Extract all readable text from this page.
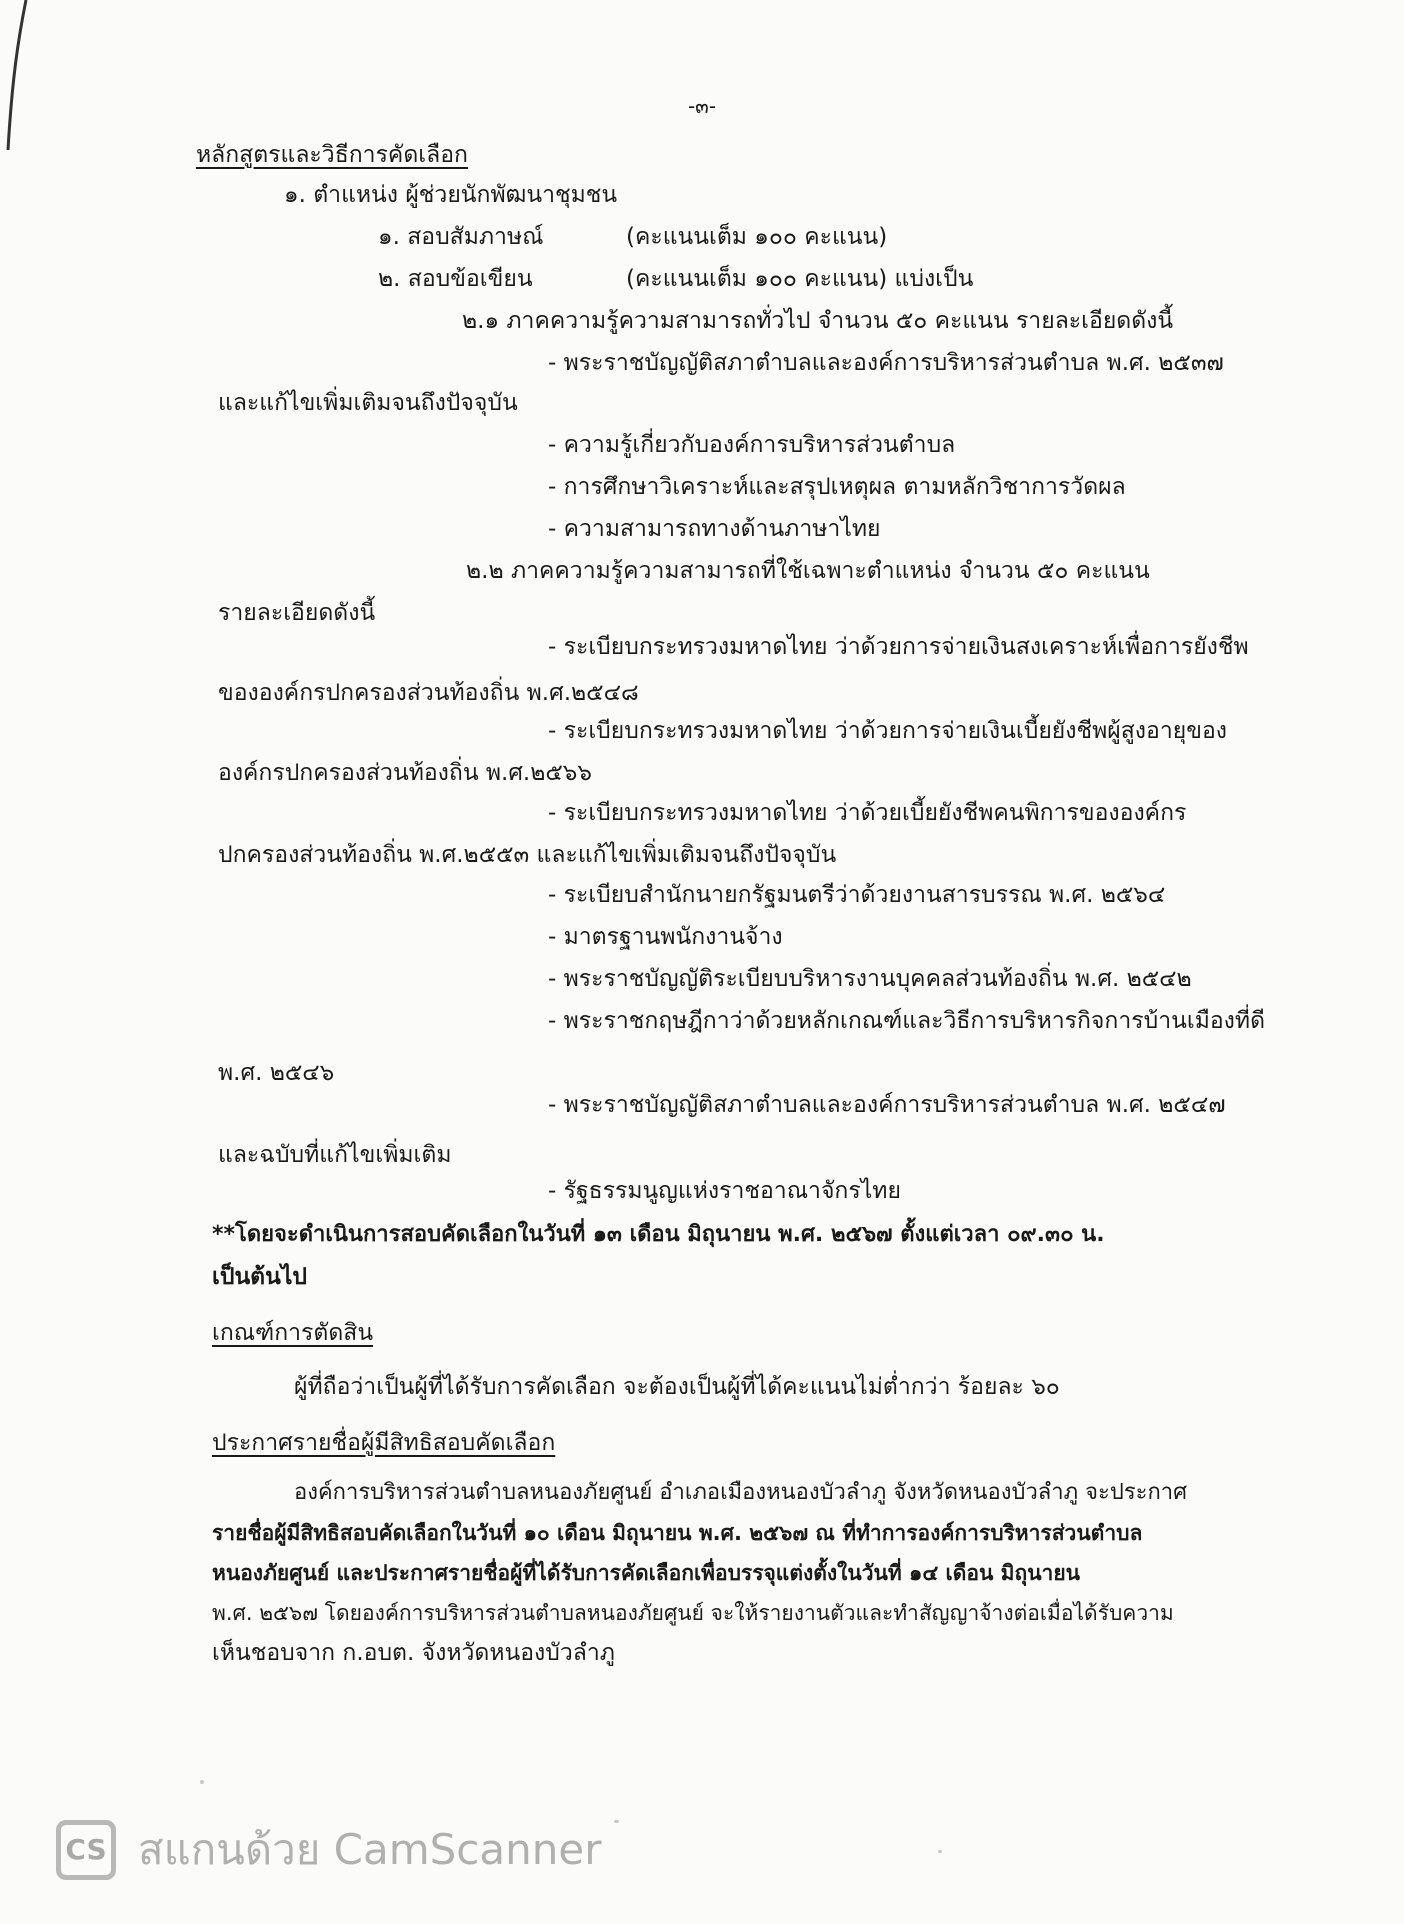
-๓-
หลักสูตรและวิธีการคัดเลือก
๑. ตำแหน่ง ผู้ช่วยนักพัฒนาชุมชน
๑. สอบสัมภาษณ์	(คะแนนเต็ม ๑๐๐ คะแนน)
๒. สอบข้อเขียน	(คะแนนเต็ม ๑๐๐ คะแนน) แบ่งเป็น
๒.๑ ภาคความรู้ความสามารถทั่วไป จำนวน ๕๐ คะแนน รายละเอียดดังนี้
- พระราชบัญญัติสภาตำบลและองค์การบริหารส่วนตำบล พ.ศ. ๒๕๓๗
และแก้ไขเพิ่มเติมจนถึงปัจจุบัน
- ความรู้เกี่ยวกับองค์การบริหารส่วนตำบล
- การศึกษาวิเคราะห์และสรุปเหตุผล ตามหลักวิชาการวัดผล
- ความสามารถทางด้านภาษาไทย
๒.๒ ภาคความรู้ความสามารถที่ใช้เฉพาะตำแหน่ง จำนวน ๕๐ คะแนน
รายละเอียดดังนี้
- ระเบียบกระทรวงมหาดไทย ว่าด้วยการจ่ายเงินสงเคราะห์เพื่อการยังชีพ
ขององค์กรปกครองส่วนท้องถิ่น พ.ศ.๒๕๔๘
- ระเบียบกระทรวงมหาดไทย ว่าด้วยการจ่ายเงินเบี้ยยังชีพผู้สูงอายุของ
องค์กรปกครองส่วนท้องถิ่น พ.ศ.๒๕๖๖
- ระเบียบกระทรวงมหาดไทย ว่าด้วยเบี้ยยังชีพคนพิการขององค์กร
ปกครองส่วนท้องถิ่น พ.ศ.๒๕๕๓ และแก้ไขเพิ่มเติมจนถึงปัจจุบัน
- ระเบียบสำนักนายกรัฐมนตรีว่าด้วยงานสารบรรณ พ.ศ. ๒๕๖๔
- มาตรฐานพนักงานจ้าง
- พระราชบัญญัติระเบียบบริหารงานบุคคลส่วนท้องถิ่น พ.ศ. ๒๕๔๒
- พระราชกฤษฎีกาว่าด้วยหลักเกณฑ์และวิธีการบริหารกิจการบ้านเมืองที่ดี
พ.ศ. ๒๕๔๖
- พระราชบัญญัติสภาตำบลและองค์การบริหารส่วนตำบล พ.ศ. ๒๕๔๗
และฉบับที่แก้ไขเพิ่มเติม
- รัฐธรรมนูญแห่งราชอาณาจักรไทย
**โดยจะดำเนินการสอบคัดเลือกในวันที่ ๑๓ เดือน มิถุนายน พ.ศ. ๒๕๖๗ ตั้งแต่เวลา ๐๙.๓๐ น.
เป็นต้นไป
เกณฑ์การตัดสิน
ผู้ที่ถือว่าเป็นผู้ที่ได้รับการคัดเลือก จะต้องเป็นผู้ที่ได้คะแนนไม่ต่ำกว่า ร้อยละ ๖๐
ประกาศรายชื่อผู้มีสิทธิสอบคัดเลือก
องค์การบริหารส่วนตำบลหนองภัยศูนย์ อำเภอเมืองหนองบัวลำภู จังหวัดหนองบัวลำภู จะประกาศ
รายชื่อผู้มีสิทธิสอบคัดเลือกในวันที่ ๑๐ เดือน มิถุนายน พ.ศ. ๒๕๖๗ ณ ที่ทำการองค์การบริหารส่วนตำบล
หนองภัยศูนย์ และประกาศรายชื่อผู้ที่ได้รับการคัดเลือกเพื่อบรรจุแต่งตั้งในวันที่ ๑๔ เดือน มิถุนายน
พ.ศ. ๒๕๖๗ โดยองค์การบริหารส่วนตำบลหนองภัยศูนย์ จะให้รายงานตัวและทำสัญญาจ้างต่อเมื่อได้รับความ
เห็นชอบจาก ก.อบต. จังหวัดหนองบัวลำภู
CS สแกนด้วย CamScanner
